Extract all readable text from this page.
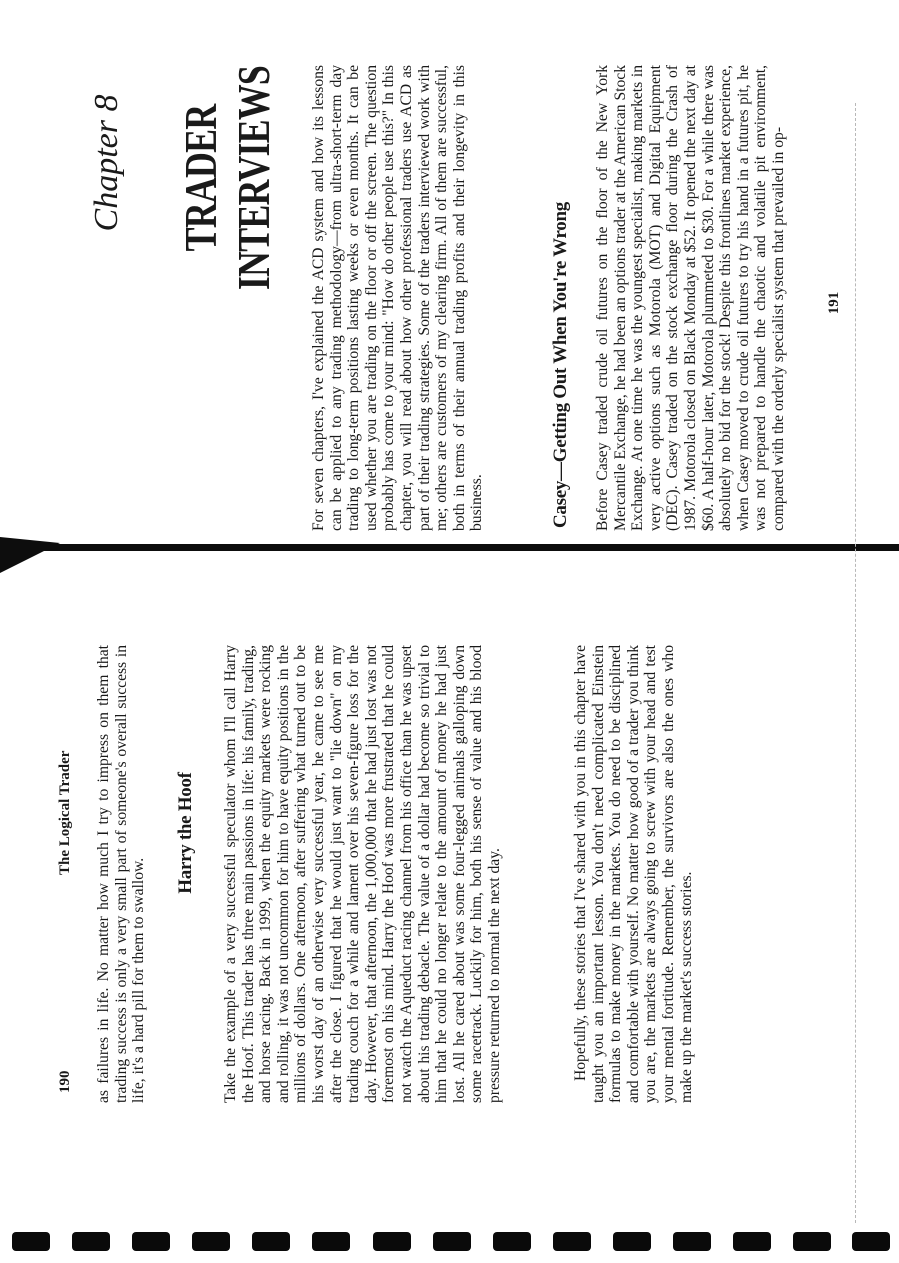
190
The Logical Trader as failures in life. No matter how much I try to impress on them that trading success is only a very small part of someone's overall success in life, it's a hard pill for them to swallow.

Harry the Hoof Take the example of a very successful speculator whom I'll call Harry the Hoof. This trader has three main passions in life: his family, trading, and horse racing. Back in 1999, when the equity markets were rocking and rolling, it was not uncommon for him to have equity positions in the millions of dollars. One afternoon, after suffering what turned out to be his worst day of an otherwise very successful year, he came to see me after the close. I figured that he would just want to "lie down" on my trading couch for a while and lament over his seven-figure loss for the day. However, that afternoon, the 1,000,000 that he had just lost was not foremost on his mind. Harry the Hoof was more frustrated that he could not watch the Aqueduct racing channel from his office than he was upset about his trading debacle. The value of a dollar had become so trivial to him that he could no longer relate to the amount of money he had just lost. All he cared about was some four-legged animals galloping down some racetrack. Luckily for him, both his sense of value and his blood pressure returned to normal the next day.	Hopefully, these stories that I've shared with you in this chapter have taught you an important lesson. You don't need complicated Einstein formulas to make money in the markets. You do need to be disciplined and comfortable with yourself. No matter how good of a trader you think you are, the markets are always going to screw with your head and test your mental fortitude. Remember, the survivors are also the ones who make up the market's success stories.

Chapter 8 TRADER INTERVIEWS For seven chapters, I've explained the ACD system and how its lessons can be applied to any trading methodology—from ultra-short-term day trading to long-term positions lasting weeks or even months. It can be used whether you are trading on the floor or off the screen. The question probably has come to your mind: "How do other people use this?" In this chapter, you will read about how other professional traders use ACD as part of their trading strategies. Some of the traders interviewed work with me; others are customers of my clearing firm. All of them are successful, both in terms of their annual trading profits and their longevity in this business.	Casey—Getting Out When You're Wrong Before Casey traded crude oil futures on the floor of the New York Mercantile Exchange, he had been an options trader at the American Stock Exchange. At one time he was the youngest specialist, making markets in very active options such as Motorola (MOT) and Digital Equipment (DEC). Casey traded on the stock exchange floor during the Crash of 1987. Motorola closed on Black Monday at $52. It opened the next day at $60. A half-hour later, Motorola plummeted to $30. For a while there was absolutely no bid for the stock! Despite this frontlines market experience, when Casey moved to crude oil futures to try his hand in a futures pit, he was not prepared to handle the chaotic and volatile pit environment, compared with the orderly specialist system that prevailed in op-	191
